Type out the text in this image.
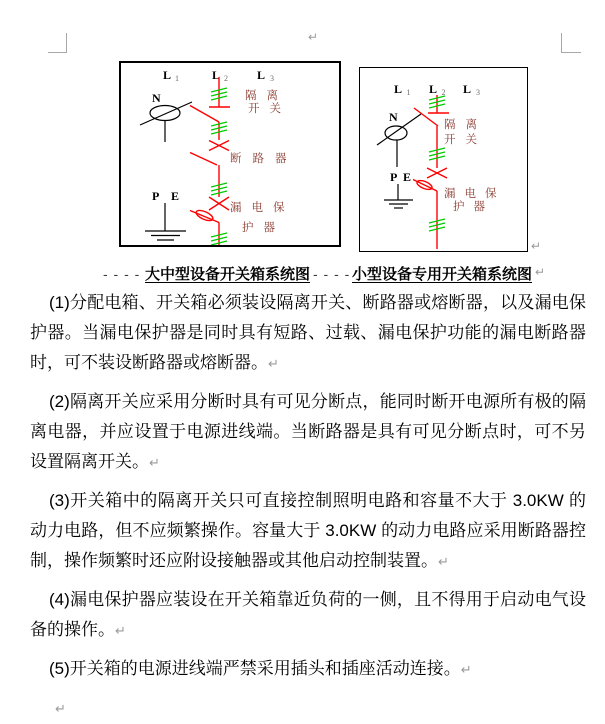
↵
L 1	L 2 L 3
N
P E
隔离
开关
断路器
漏电保
护器
L 1 L 2 L 3
N
P E
隔离
开关
漏电保
护器
↵
- - - - 大中型设备开关箱系统图 - - - - 小型设备专用开关箱系统图 ↵

(1)分配电箱、开关箱必须装设隔离开关、断路器或熔断器，以及漏电保护器。当漏电保护器是同时具有短路、过载、漏电保护功能的漏电断路器时，可不装设断路器或熔断器。↵

(2)隔离开关应采用分断时具有可见分断点，能同时断开电源所有极的隔离电器，并应设置于电源进线端。当断路器是具有可见分断点时，可不另设置隔离开关。↵

(3)开关箱中的隔离开关只可直接控制照明电路和容量不大于 3.0KW 的动力电路，但不应频繁操作。容量大于 3.0KW 的动力电路应采用断路器控制，操作频繁时还应附设接触器或其他启动控制装置。↵

(4)漏电保护器应装设在开关箱靠近负荷的一侧，且不得用于启动电气设备的操作。↵

(5)开关箱的电源进线端严禁采用插头和插座活动连接。↵

↵
